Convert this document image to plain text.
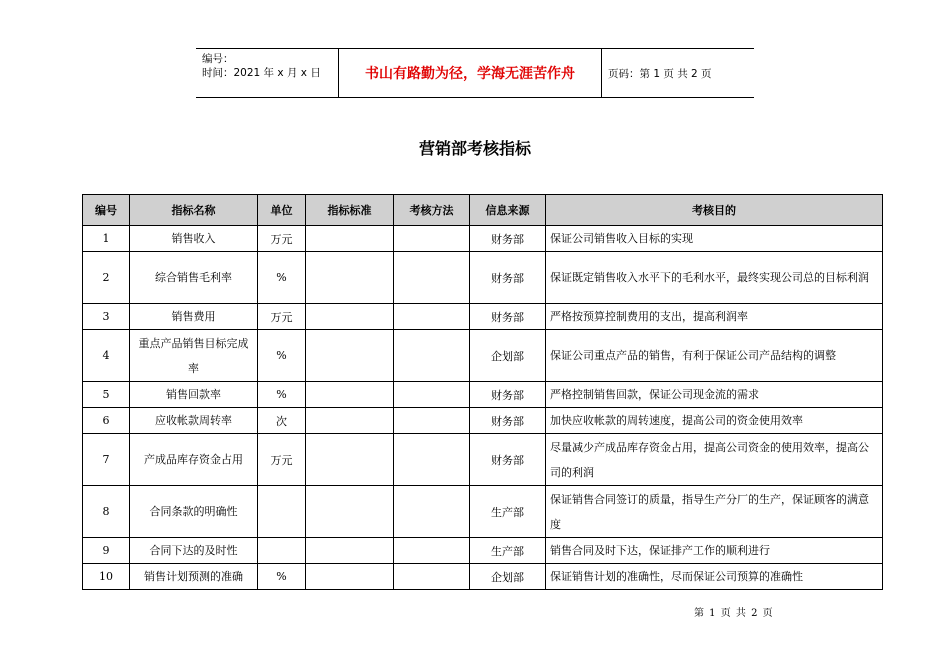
编号：
时间：2021 年 x 月 x 日	书山有路勤为径，学海无涯苦作舟	页码：第 1 页 共 2 页
营销部考核指标
编号	指标名称	单位	指标标准	考核方法	信息来源	考核目的
1	销售收入	万元			财务部	保证公司销售收入目标的实现
2	综合销售毛利率	%			财务部	保证既定销售收入水平下的毛利水平，最终实现公司总的目标利润
3	销售费用	万元			财务部	严格按预算控制费用的支出，提高利润率
4	重点产品销售目标完成率	%			企划部	保证公司重点产品的销售，有利于保证公司产品结构的调整
5	销售回款率	%			财务部	严格控制销售回款，保证公司现金流的需求
6	应收帐款周转率	次			财务部	加快应收帐款的周转速度，提高公司的资金使用效率
7	产成品库存资金占用	万元			财务部	尽量减少产成品库存资金占用，提高公司资金的使用效率，提高公司的利润
8	合同条款的明确性				生产部	保证销售合同签订的质量，指导生产分厂的生产，保证顾客的满意度
9	合同下达的及时性				生产部	销售合同及时下达，保证排产工作的顺利进行
10	销售计划预测的准确	%			企划部	保证销售计划的准确性，尽而保证公司预算的准确性
第 1 页 共 2 页
